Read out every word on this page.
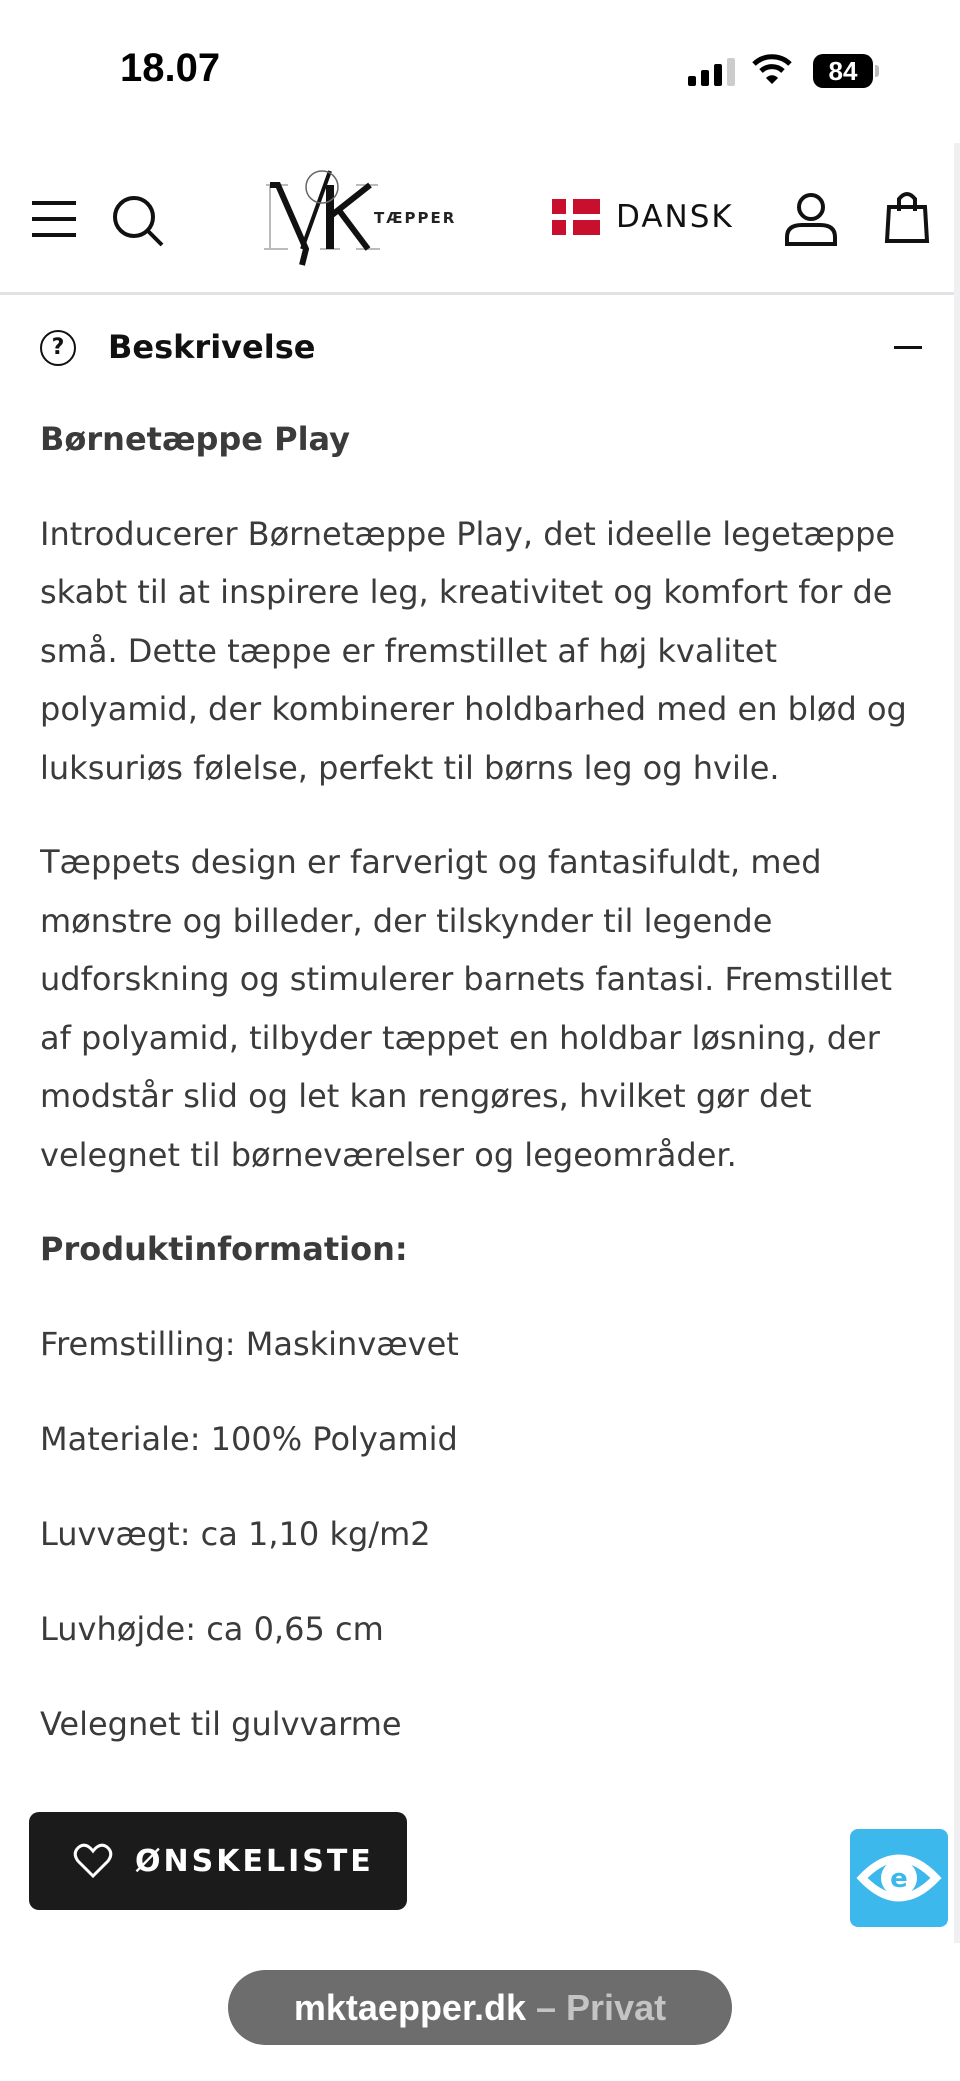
18.07	84
TÆPPER	DANSK
?	Beskrivelse
Børnetæppe Play

Introducerer Børnetæppe Play, det ideelle legetæppe skabt til at inspirere leg, kreativitet og komfort for de små. Dette tæppe er fremstillet af høj kvalitet polyamid, der kombinerer holdbarhed med en blød og luksuriøs følelse, perfekt til børns leg og hvile.

Tæppets design er farverigt og fantasifuldt, med mønstre og billeder, der tilskynder til legende udforskning og stimulerer barnets fantasi. Fremstillet af polyamid, tilbyder tæppet en holdbar løsning, der modstår slid og let kan rengøres, hvilket gør det velegnet til børneværelser og legeområder.

Produktinformation:
Fremstilling: Maskinvævet
Materiale: 100% Polyamid
Luvvægt: ca 1,10 kg/m2
Luvhøjde: ca 0,65 cm
Velegnet til gulvvarme
ØNSKELISTE
e
mktaepper.dk – Privat
